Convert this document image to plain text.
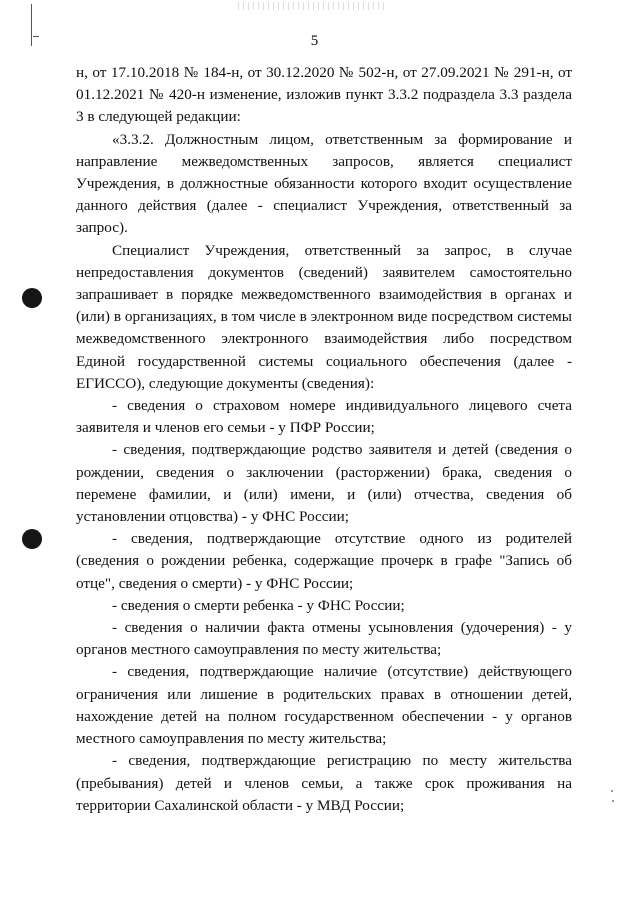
5

н, от 17.10.2018 № 184-н, от 30.12.2020 № 502-н, от 27.09.2021 № 291-н, от 01.12.2021 № 420-н изменение, изложив пункт 3.3.2 подраздела 3.3 раздела 3 в следующей редакции:

«3.3.2. Должностным лицом, ответственным за формирование и направление межведомственных запросов, является специалист Учреждения, в должностные обязанности которого входит осуществление данного действия (далее - специалист Учреждения, ответственный за запрос).

Специалист Учреждения, ответственный за запрос, в случае непредоставления документов (сведений) заявителем самостоятельно запрашивает в порядке межведомственного взаимодействия в органах и (или) в организациях, в том числе в электронном виде посредством системы межведомственного электронного взаимодействия либо посредством Единой государственной системы социального обеспечения (далее - ЕГИССО), следующие документы (сведения):

- сведения о страховом номере индивидуального лицевого счета заявителя и членов его семьи - у ПФР России;

- сведения, подтверждающие родство заявителя и детей (сведения о рождении, сведения о заключении (расторжении) брака, сведения о перемене фамилии, и (или) имени, и (или) отчества, сведения об установлении отцовства) - у ФНС России;

- сведения, подтверждающие отсутствие одного из родителей (сведения о рождении ребенка, содержащие прочерк в графе "Запись об отце", сведения о смерти) - у ФНС России;

- сведения о смерти ребенка - у ФНС России;

- сведения о наличии факта отмены усыновления (удочерения) - у органов местного самоуправления по месту жительства;

- сведения, подтверждающие наличие (отсутствие) действующего ограничения или лишение в родительских правах в отношении детей, нахождение детей на полном государственном обеспечении - у органов местного самоуправления по месту жительства;

- сведения, подтверждающие регистрацию по месту жительства (пребывания) детей и членов семьи, а также срок проживания на территории Сахалинской области - у МВД России;
